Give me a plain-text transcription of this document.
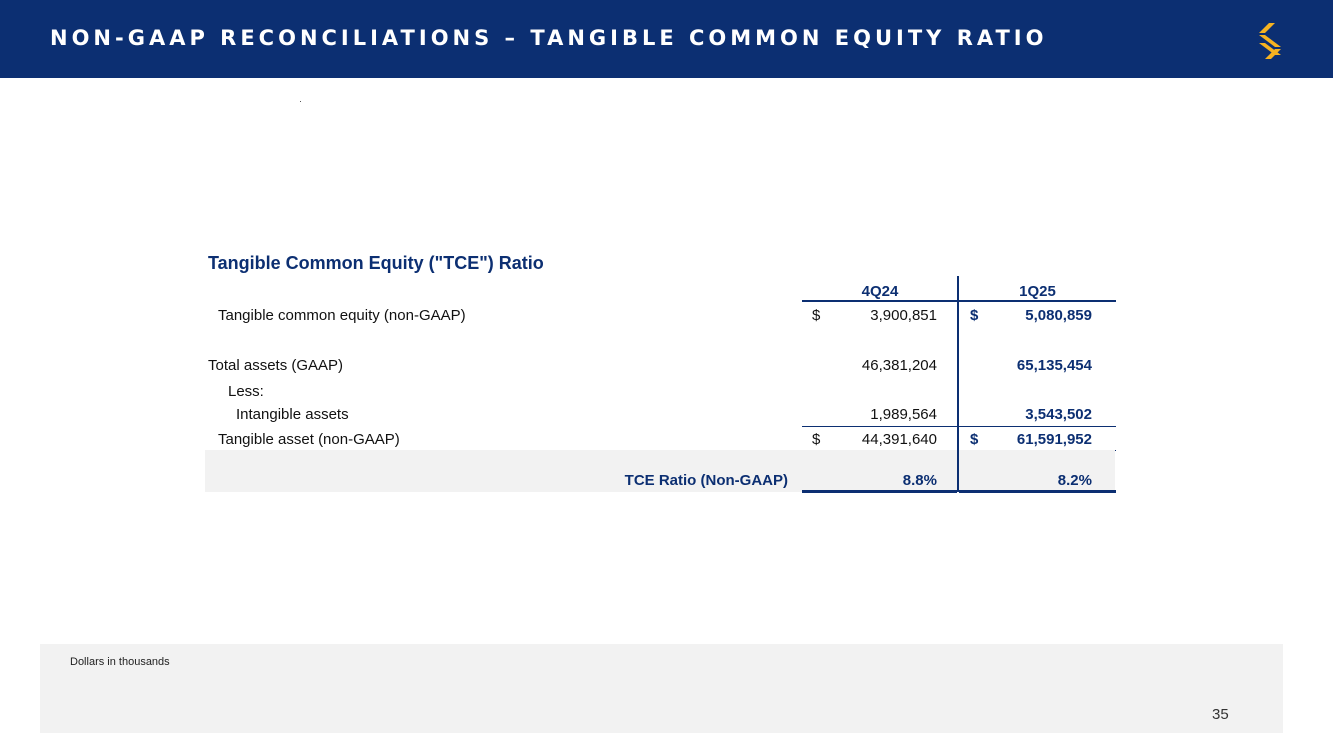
NON-GAAP RECONCILIATIONS – TANGIBLE COMMON EQUITY RATIO
Tangible Common Equity ("TCE") Ratio
4Q24	1Q25
Tangible common equity (non-GAAP)	$	3,900,851 $	5,080,859
Total assets (GAAP)	46,381,204	65,135,454
Less:
Intangible assets	1,989,564	3,543,502
Tangible asset (non-GAAP)	$	44,391,640 $	61,591,952
TCE Ratio (Non-GAAP)	8.8%	8.2%
Dollars in thousands
35
